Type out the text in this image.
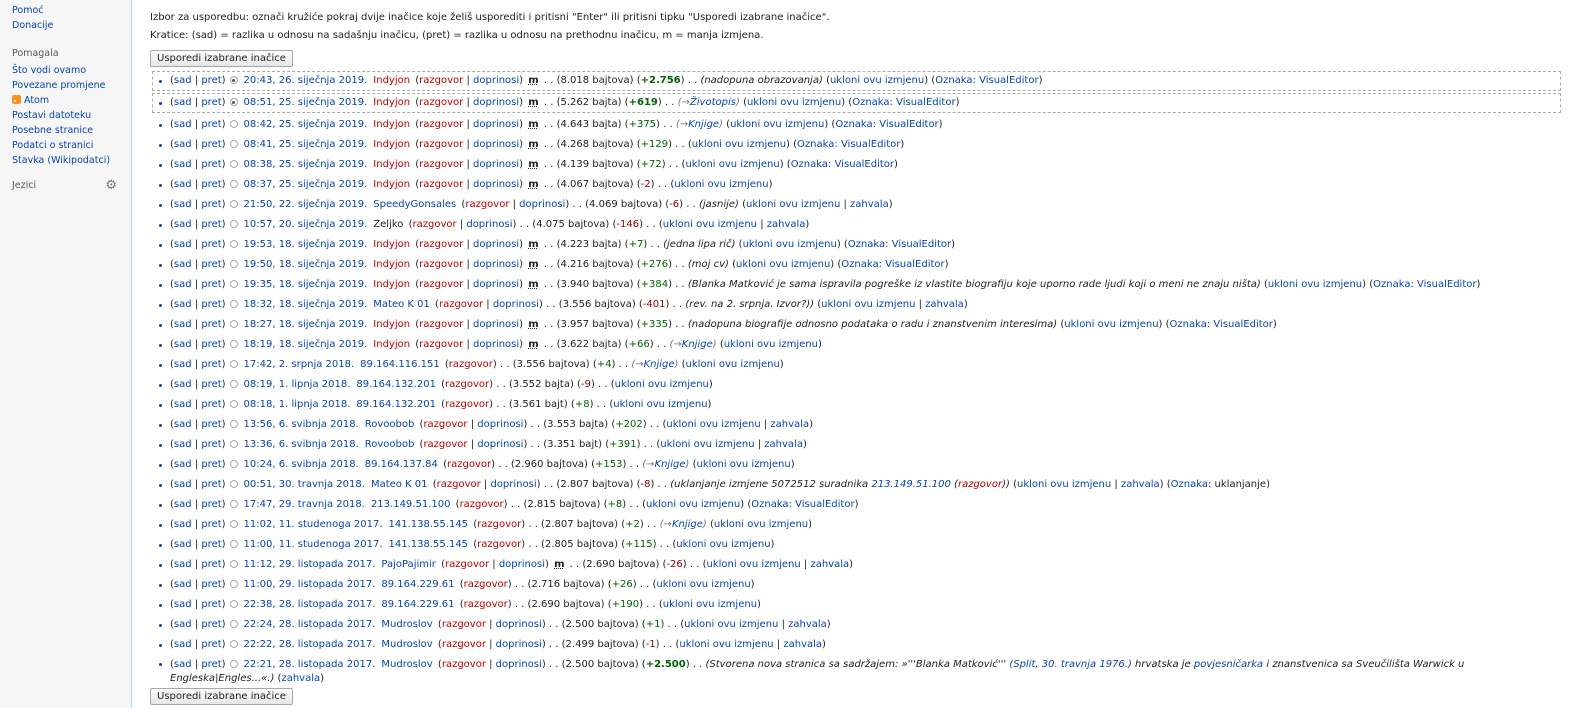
Pomoć
Donacije
Pomagala
Što vodi ovamo
Povezane promjene
Atom
Postavi datoteku
Posebne stranice
Podatci o stranici
Stavka (Wikipodatci)
Jezici	⚙
Izbor za usporedbu: označi kružiće pokraj dvije inačice koje želiš usporediti i pritisni "Enter" ili pritisni tipku "Usporedi izabrane inačice".
Kratice: (sad) = razlika u odnosu na sadašnju inačicu, (pret) = razlika u odnosu na prethodnu inačicu, m = manja izmjena.
Usporedi izabrane inačice
(sad | pret) 20:43, 26. siječnja 2019. Indyjon (razgovor | doprinosi) m . . (8.018 bajtova) (+2.756) . . (nadopuna obrazovanja) (ukloni ovu izmjenu) (Oznaka: VisualEditor)
(sad | pret) 08:51, 25. siječnja 2019. Indyjon (razgovor | doprinosi) m . . (5.262 bajta) (+619) . . (→Životopis) (ukloni ovu izmjenu) (Oznaka: VisualEditor)
(sad | pret) 08:42, 25. siječnja 2019. Indyjon (razgovor | doprinosi) m . . (4.643 bajta) (+375) . . (→Knjige) (ukloni ovu izmjenu) (Oznaka: VisualEditor)
(sad | pret) 08:41, 25. siječnja 2019. Indyjon (razgovor | doprinosi) m . . (4.268 bajtova) (+129) . . (ukloni ovu izmjenu) (Oznaka: VisualEditor)
(sad | pret) 08:38, 25. siječnja 2019. Indyjon (razgovor | doprinosi) m . . (4.139 bajtova) (+72) . . (ukloni ovu izmjenu) (Oznaka: VisualEditor)
(sad | pret) 08:37, 25. siječnja 2019. Indyjon (razgovor | doprinosi) m . . (4.067 bajtova) (-2) . . (ukloni ovu izmjenu)
(sad | pret) 21:50, 22. siječnja 2019. SpeedyGonsales (razgovor | doprinosi) . . (4.069 bajtova) (-6) . . (jasnije) (ukloni ovu izmjenu | zahvala)
(sad | pret) 10:57, 20. siječnja 2019. Zeljko (razgovor | doprinosi) . . (4.075 bajtova) (-146) . . (ukloni ovu izmjenu | zahvala)
(sad | pret) 19:53, 18. siječnja 2019. Indyjon (razgovor | doprinosi) m . . (4.223 bajta) (+7) . . (jedna lipa rič) (ukloni ovu izmjenu) (Oznaka: VisualEditor)
(sad | pret) 19:50, 18. siječnja 2019. Indyjon (razgovor | doprinosi) m . . (4.216 bajtova) (+276) . . (moj cv) (ukloni ovu izmjenu) (Oznaka: VisualEditor)
(sad | pret) 19:35, 18. siječnja 2019. Indyjon (razgovor | doprinosi) m . . (3.940 bajtova) (+384) . . (Blanka Matković je sama ispravila pogreške iz vlastite biografiju koje uporno rade ljudi koji o meni ne znaju ništa) (ukloni ovu izmjenu) (Oznaka: VisualEditor)
(sad | pret) 18:32, 18. siječnja 2019. Mateo K 01 (razgovor | doprinosi) . . (3.556 bajtova) (-401) . . (rev. na 2. srpnja. Izvor?)) (ukloni ovu izmjenu | zahvala)
(sad | pret) 18:27, 18. siječnja 2019. Indyjon (razgovor | doprinosi) m . . (3.957 bajtova) (+335) . . (nadopuna biografije odnosno podataka o radu i znanstvenim interesima) (ukloni ovu izmjenu) (Oznaka: VisualEditor)
(sad | pret) 18:19, 18. siječnja 2019. Indyjon (razgovor | doprinosi) m . . (3.622 bajta) (+66) . . (→Knjige) (ukloni ovu izmjenu)
(sad | pret) 17:42, 2. srpnja 2018. 89.164.116.151 (razgovor) . . (3.556 bajtova) (+4) . . (→Knjige) (ukloni ovu izmjenu)
(sad | pret) 08:19, 1. lipnja 2018. 89.164.132.201 (razgovor) . . (3.552 bajta) (-9) . . (ukloni ovu izmjenu)
(sad | pret) 08:18, 1. lipnja 2018. 89.164.132.201 (razgovor) . . (3.561 bajt) (+8) . . (ukloni ovu izmjenu)
(sad | pret) 13:56, 6. svibnja 2018. Rovoobob (razgovor | doprinosi) . . (3.553 bajta) (+202) . . (ukloni ovu izmjenu | zahvala)
(sad | pret) 13:36, 6. svibnja 2018. Rovoobob (razgovor | doprinosi) . . (3.351 bajt) (+391) . . (ukloni ovu izmjenu | zahvala)
(sad | pret) 10:24, 6. svibnja 2018. 89.164.137.84 (razgovor) . . (2.960 bajtova) (+153) . . (→Knjige) (ukloni ovu izmjenu)
(sad | pret) 00:51, 30. travnja 2018. Mateo K 01 (razgovor | doprinosi) . . (2.807 bajtova) (-8) . . (uklanjanje izmjene 5072512 suradnika 213.149.51.100 (razgovor)) (ukloni ovu izmjenu | zahvala) (Oznaka: uklanjanje)
(sad | pret) 17:47, 29. travnja 2018. 213.149.51.100 (razgovor) . . (2.815 bajtova) (+8) . . (ukloni ovu izmjenu) (Oznaka: VisualEditor)
(sad | pret) 11:02, 11. studenoga 2017. 141.138.55.145 (razgovor) . . (2.807 bajtova) (+2) . . (→Knjige) (ukloni ovu izmjenu)
(sad | pret) 11:00, 11. studenoga 2017. 141.138.55.145 (razgovor) . . (2.805 bajtova) (+115) . . (ukloni ovu izmjenu)
(sad | pret) 11:12, 29. listopada 2017. PajoPajimir (razgovor | doprinosi) m . . (2.690 bajtova) (-26) . . (ukloni ovu izmjenu | zahvala)
(sad | pret) 11:00, 29. listopada 2017. 89.164.229.61 (razgovor) . . (2.716 bajtova) (+26) . . (ukloni ovu izmjenu)
(sad | pret) 22:38, 28. listopada 2017. 89.164.229.61 (razgovor) . . (2.690 bajtova) (+190) . . (ukloni ovu izmjenu)
(sad | pret) 22:24, 28. listopada 2017. Mudroslov (razgovor | doprinosi) . . (2.500 bajtova) (+1) . . (ukloni ovu izmjenu | zahvala)
(sad | pret) 22:22, 28. listopada 2017. Mudroslov (razgovor | doprinosi) . . (2.499 bajtova) (-1) . . (ukloni ovu izmjenu | zahvala)
(sad | pret) 22:21, 28. listopada 2017. Mudroslov (razgovor | doprinosi) . . (2.500 bajtova) (+2.500) . . (Stvorena nova stranica sa sadržajem: »'''Blanka Matković''' (Split, 30. travnja 1976.) hrvatska je povjesničarka i znanstvenica sa Sveučilišta Warwick u Engleska|Engles...«.) (zahvala)
Usporedi izabrane inačice
